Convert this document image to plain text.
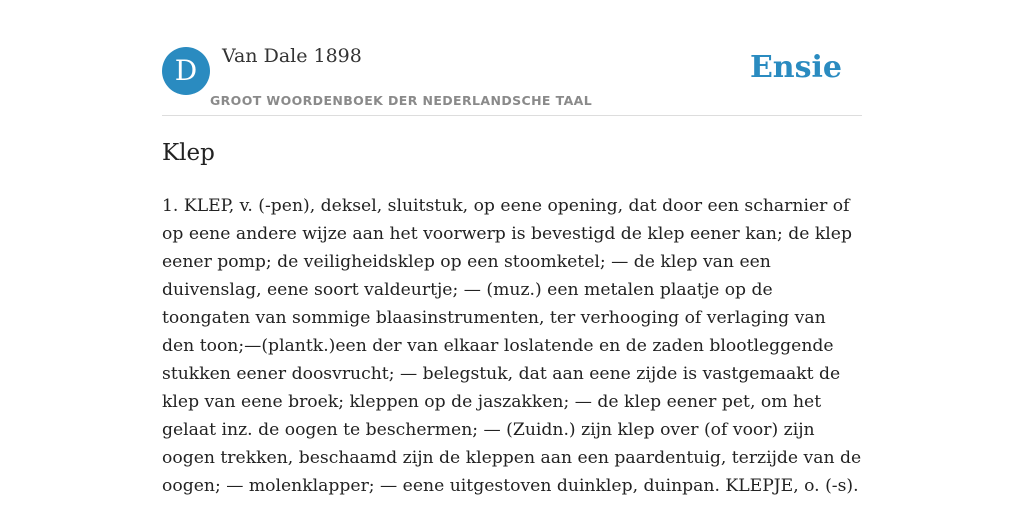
D	Van Dale 1898
GROOT WOORDENBOEK DER NEDERLANDSCHE TAAL
Ensie
Klep

1. KLEP, v. (-pen), deksel, sluitstuk, op eene opening, dat door een scharnier of op eene andere wijze aan het voorwerp is bevestigd de klep eener kan; de klep eener pomp; de veiligheidsklep op een stoomketel; — de klep van een duivenslag, eene soort valdeurtje; — (muz.) een metalen plaatje op de toongaten van sommige blaasinstrumenten, ter verhooging of verlaging van den toon;—(plantk.)een der van elkaar loslatende en de zaden blootleggende stukken eener doosvrucht; — belegstuk, dat aan eene zijde is vastgemaakt de klep van eene broek; kleppen op de jaszakken; — de klep eener pet, om het gelaat inz. de oogen te beschermen; — (Zuidn.) zijn klep over (of voor) zijn oogen trekken, beschaamd zijn de kleppen aan een paardentuig, terzijde van de oogen; — molenklapper; — eene uitgestoven duinklep, duinpan. KLEPJE, o. (-s).
